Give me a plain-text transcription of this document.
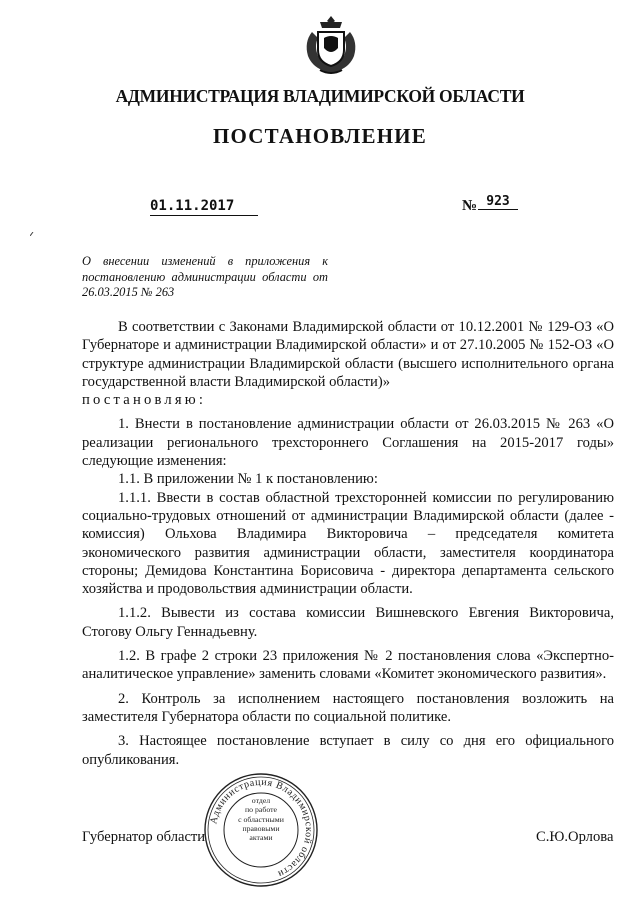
АДМИНИСТРАЦИЯ ВЛАДИМИРСКОЙ ОБЛАСТИ
ПОСТАНОВЛЕНИЕ
01.11.2017	№ 923
О внесении изменений в приложения к постановлению администрации области от 26.03.2015 № 263

В соответствии с Законами Владимирской области от 10.12.2001 № 129-ОЗ «О Губернаторе и администрации Владимирской области» и от 27.10.2005 № 152-ОЗ «О структуре администрации Владимирской области (высшего исполнительного органа государственной власти Владимирской области)»

постановляю:

1. Внести в постановление администрации области от 26.03.2015 № 263 «О реализации регионального трехстороннего Соглашения на 2015-2017 годы» следующие изменения:

1.1. В приложении № 1 к постановлению:

1.1.1. Ввести в состав областной трехсторонней комиссии по регулированию социально-трудовых отношений от администрации Владимирской области (далее - комиссия) Ольхова Владимира Викторовича – председателя комитета экономического развития администрации области, заместителя координатора стороны; Демидова Константина Борисовича - директора департамента сельского хозяйства и продовольствия администрации области.

1.1.2. Вывести из состава комиссии Вишневского Евгения Викторовича, Стогову Ольгу Геннадьевну.

1.2. В графе 2 строки 23 приложения № 2 постановления слова «Экспертно-аналитическое управление» заменить словами «Комитет экономического развития».

2. Контроль за исполнением настоящего постановления возложить на заместителя Губернатора области по социальной политике.

3. Настоящее постановление вступает в силу со дня его официального опубликования.

Губернатор области	С.Ю.Орлова
Администрация Владимирской области
отдел
по работе
с областными
правовыми
актами
